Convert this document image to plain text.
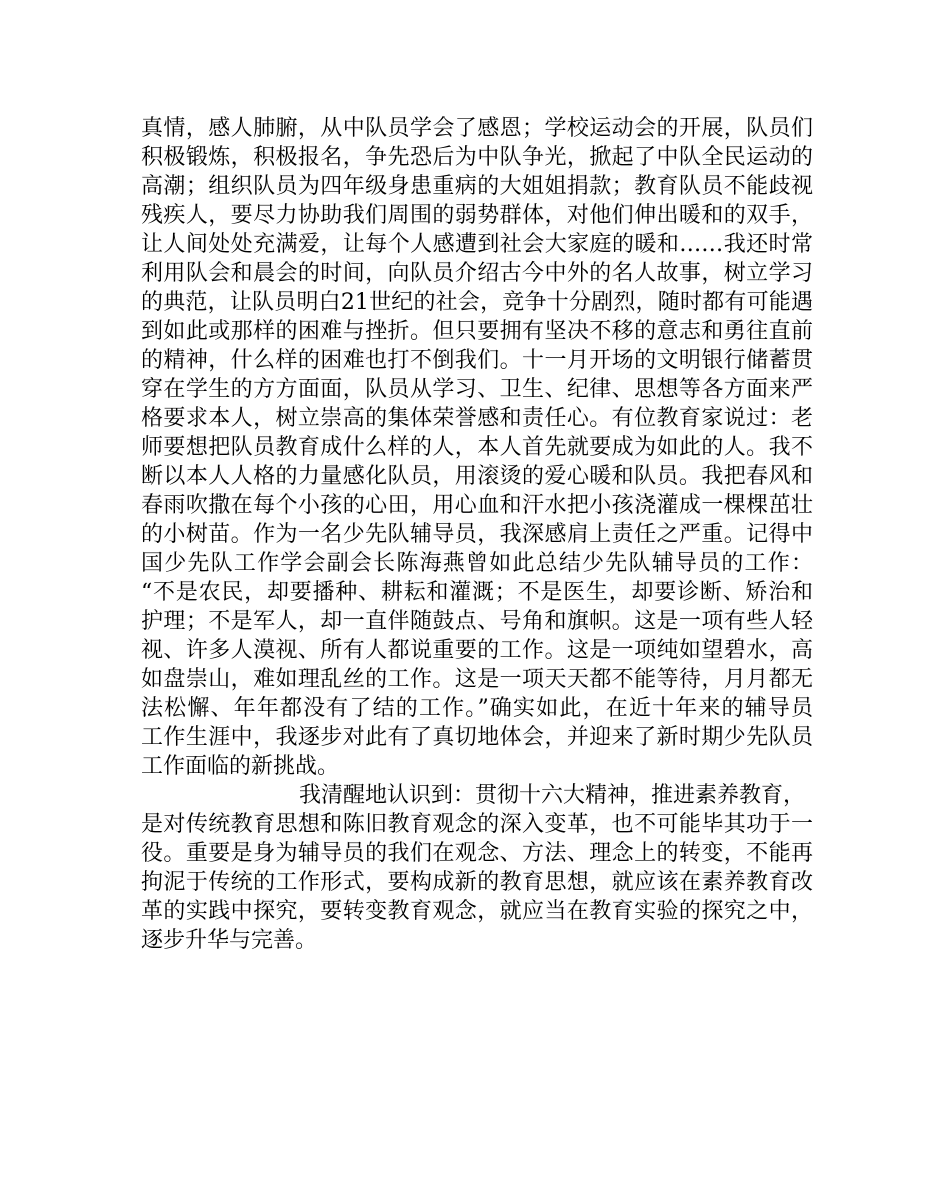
真情，感人肺腑，从中队员学会了感恩；学校运动会的开展，队员们
积极锻炼，积极报名，争先恐后为中队争光，掀起了中队全民运动的
高潮；组织队员为四年级身患重病的大姐姐捐款；教育队员不能歧视
残疾人，要尽力协助我们周围的弱势群体，对他们伸出暖和的双手，
让人间处处充满爱，让每个人感遭到社会大家庭的暖和……我还时常
利用队会和晨会的时间，向队员介绍古今中外的名人故事，树立学习
的典范，让队员明白21世纪的社会，竞争十分剧烈，随时都有可能遇
到如此或那样的困难与挫折。但只要拥有坚决不移的意志和勇往直前
的精神，什么样的困难也打不倒我们。十一月开场的文明银行储蓄贯
穿在学生的方方面面，队员从学习、卫生、纪律、思想等各方面来严
格要求本人，树立崇高的集体荣誉感和责任心。有位教育家说过：老
师要想把队员教育成什么样的人，本人首先就要成为如此的人。我不
断以本人人格的力量感化队员，用滚烫的爱心暖和队员。我把春风和
春雨吹撒在每个小孩的心田，用心血和汗水把小孩浇灌成一棵棵茁壮
的小树苗。作为一名少先队辅导员，我深感肩上责任之严重。记得中
国少先队工作学会副会长陈海燕曾如此总结少先队辅导员的工作：
“不是农民，却要播种、耕耘和灌溉；不是医生，却要诊断、矫治和
护理；不是军人，却一直伴随鼓点、号角和旗帜。这是一项有些人轻
视、许多人漠视、所有人都说重要的工作。这是一项纯如望碧水，高
如盘崇山，难如理乱丝的工作。这是一项天天都不能等待，月月都无
法松懈、年年都没有了结的工作。”确实如此，在近十年来的辅导员
工作生涯中，我逐步对此有了真切地体会，并迎来了新时期少先队员
工作面临的新挑战。
我清醒地认识到：贯彻十六大精神，推进素养教育，
是对传统教育思想和陈旧教育观念的深入变革，也不可能毕其功于一
役。重要是身为辅导员的我们在观念、方法、理念上的转变，不能再
拘泥于传统的工作形式，要构成新的教育思想，就应该在素养教育改
革的实践中探究，要转变教育观念，就应当在教育实验的探究之中，
逐步升华与完善。
